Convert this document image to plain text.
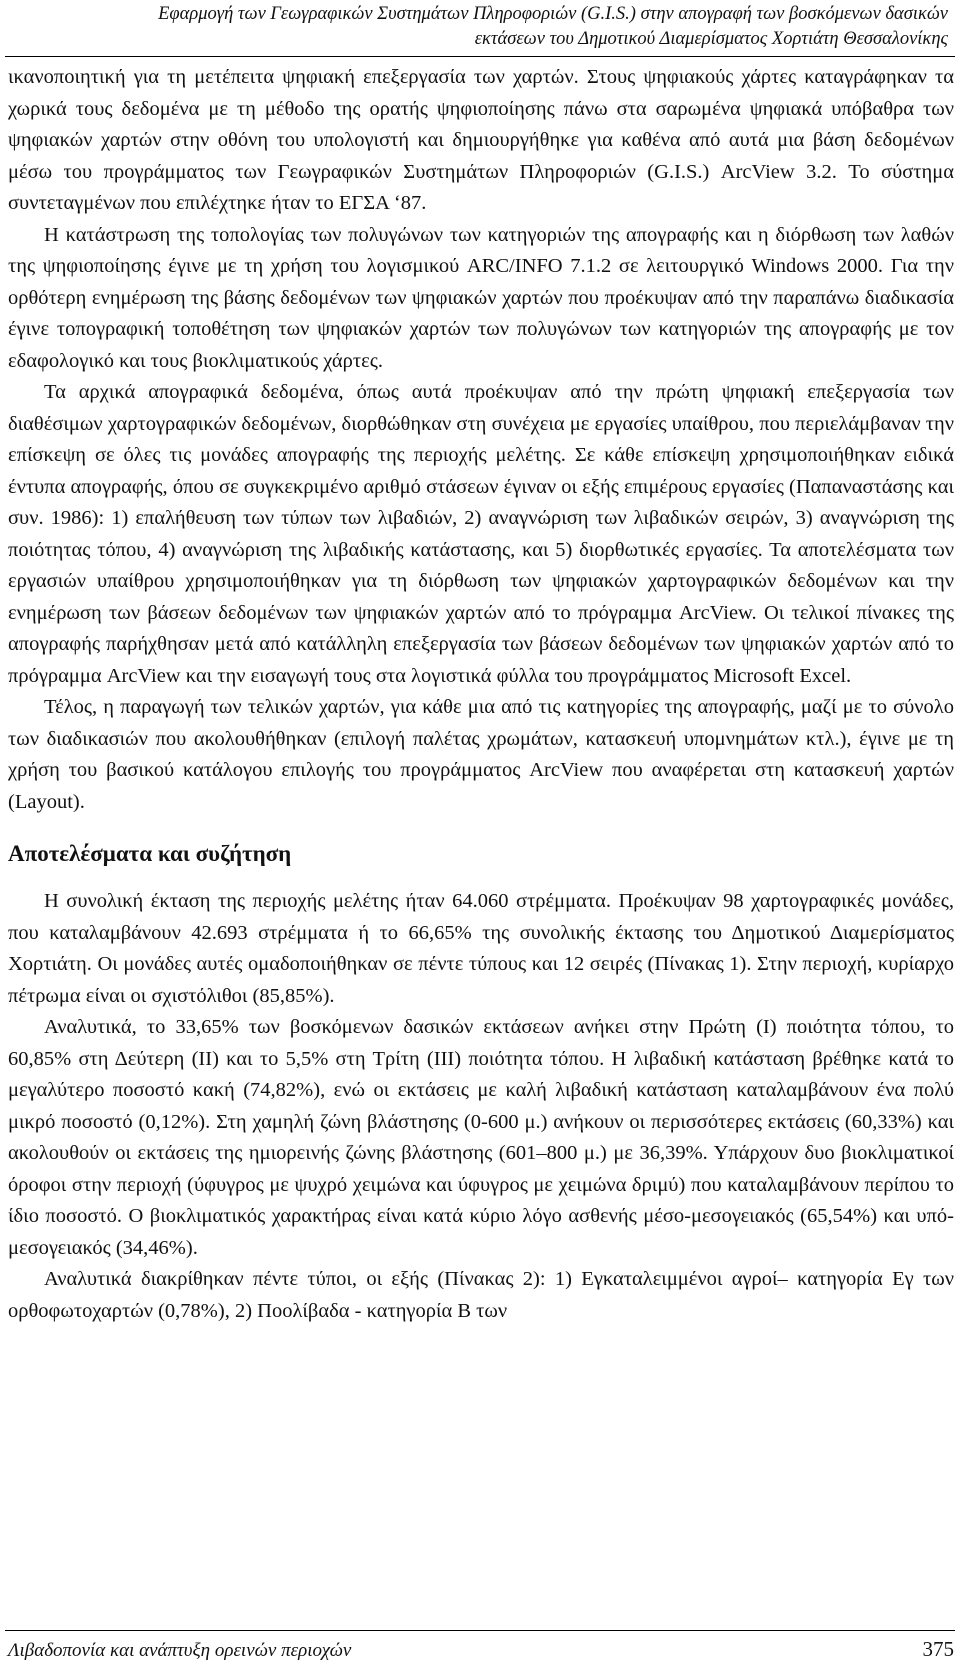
Εφαρμογή των Γεωγραφικών Συστημάτων Πληροφοριών (G.I.S.) στην απογραφή των βοσκόμενων δασικών
εκτάσεων του Δημοτικού Διαμερίσματος Χορτιάτη Θεσσαλονίκης

ικανοποιητική για τη μετέπειτα ψηφιακή επεξεργασία των χαρτών. Στους ψηφιακούς χάρτες καταγράφηκαν τα χωρικά τους δεδομένα με τη μέθοδο της ορατής ψηφιοποίησης πάνω στα σαρωμένα ψηφιακά υπόβαθρα των ψηφιακών χαρτών στην οθόνη του υπολογιστή και δημιουργήθηκε για καθένα από αυτά μια βάση δεδομένων μέσω του προγράμματος των Γεωγραφικών Συστημάτων Πληροφοριών (G.I.S.) ArcView 3.2. Το σύστημα συντεταγμένων που επιλέχτηκε ήταν το ΕΓΣΑ ‘87.

Η κατάστρωση της τοπολογίας των πολυγώνων των κατηγοριών της απογραφής και η διόρθωση των λαθών της ψηφιοποίησης έγινε με τη χρήση του λογισμικού ARC/INFO 7.1.2 σε λειτουργικό Windows 2000. Για την ορθότερη ενημέρωση της βάσης δεδομένων των ψηφιακών χαρτών που προέκυψαν από την παραπάνω διαδικασία έγινε τοπογραφική τοποθέτηση των ψηφιακών χαρτών των πολυγώνων των κατηγοριών της απογραφής με τον εδαφολογικό και τους βιοκλιματικούς χάρτες.

Τα αρχικά απογραφικά δεδομένα, όπως αυτά προέκυψαν από την πρώτη ψηφιακή επεξεργασία των διαθέσιμων χαρτογραφικών δεδομένων, διορθώθηκαν στη συνέχεια με εργασίες υπαίθρου, που περιελάμβαναν την επίσκεψη σε όλες τις μονάδες απογραφής της περιοχής μελέτης. Σε κάθε επίσκεψη χρησιμοποιήθηκαν ειδικά έντυπα απογραφής, όπου σε συγκεκριμένο αριθμό στάσεων έγιναν οι εξής επιμέρους εργασίες (Παπαναστάσης και συν. 1986): 1) επαλήθευση των τύπων των λιβαδιών, 2) αναγνώριση των λιβαδικών σειρών, 3) αναγνώριση της ποιότητας τόπου, 4) αναγνώριση της λιβαδικής κατάστασης, και 5) διορθωτικές εργασίες. Τα αποτελέσματα των εργασιών υπαίθρου χρησιμοποιήθηκαν για τη διόρθωση των ψηφιακών χαρτογραφικών δεδομένων και την ενημέρωση των βάσεων δεδομένων των ψηφιακών χαρτών από το πρόγραμμα ArcView. Οι τελικοί πίνακες της απογραφής παρήχθησαν μετά από κατάλληλη επεξεργασία των βάσεων δεδομένων των ψηφιακών χαρτών από το πρόγραμμα ArcView και την εισαγωγή τους στα λογιστικά φύλλα του προγράμματος Microsoft Excel.

Τέλος, η παραγωγή των τελικών χαρτών, για κάθε μια από τις κατηγορίες της απογραφής, μαζί με το σύνολο των διαδικασιών που ακολουθήθηκαν (επιλογή παλέτας χρωμάτων, κατασκευή υπομνημάτων κτλ.), έγινε με τη χρήση του βασικού κατάλογου επιλογής του προγράμματος ArcView που αναφέρεται στη κατασκευή χαρτών (Layout).

Αποτελέσματα και συζήτηση

Η συνολική έκταση της περιοχής μελέτης ήταν 64.060 στρέμματα. Προέκυψαν 98 χαρτογραφικές μονάδες, που καταλαμβάνουν 42.693 στρέμματα ή το 66,65% της συνολικής έκτασης του Δημοτικού Διαμερίσματος Χορτιάτη. Οι μονάδες αυτές ομαδοποιήθηκαν σε πέντε τύπους και 12 σειρές (Πίνακας 1). Στην περιοχή, κυρίαρχο πέτρωμα είναι οι σχιστόλιθοι (85,85%).

Αναλυτικά, το 33,65% των βοσκόμενων δασικών εκτάσεων ανήκει στην Πρώτη (Ι) ποιότητα τόπου, το 60,85% στη Δεύτερη (ΙΙ) και το 5,5% στη Τρίτη (ΙΙΙ) ποιότητα τόπου. Η λιβαδική κατάσταση βρέθηκε κατά το μεγαλύτερο ποσοστό κακή (74,82%), ενώ οι εκτάσεις με καλή λιβαδική κατάσταση καταλαμβάνουν ένα πολύ μικρό ποσοστό (0,12%). Στη χαμηλή ζώνη βλάστησης (0-600 μ.) ανήκουν οι περισσότερες εκτάσεις (60,33%) και ακολουθούν οι εκτάσεις της ημιορεινής ζώνης βλάστησης (601–800 μ.) με 36,39%. Υπάρχουν δυο βιοκλιματικοί όροφοι στην περιοχή (ύφυγρος με ψυχρό χειμώνα και ύφυγρος με χειμώνα δριμύ) που καταλαμβάνουν περίπου το ίδιο ποσοστό. Ο βιοκλιματικός χαρακτήρας είναι κατά κύριο λόγο ασθενής μέσο-μεσογειακός (65,54%) και υπό-μεσογειακός (34,46%).

Αναλυτικά διακρίθηκαν πέντε τύποι, οι εξής (Πίνακας 2): 1) Εγκαταλειμμένοι αγροί– κατηγορία Εγ των ορθοφωτοχαρτών (0,78%), 2) Ποολίβαδα - κατηγορία Β των

Λιβαδοπονία και ανάπτυξη ορεινών περιοχών	375
